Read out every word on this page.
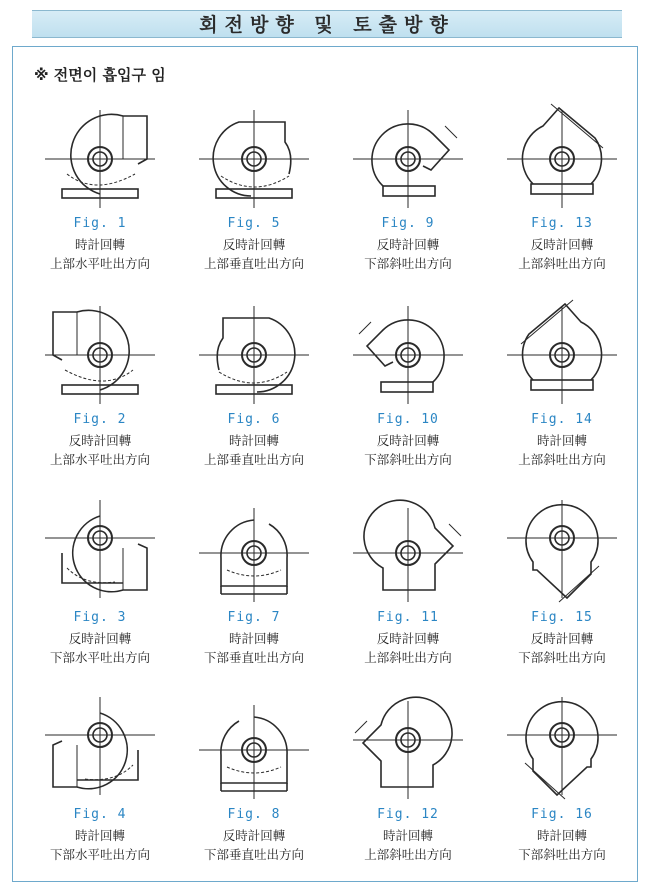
회전방향 및 토출방향
※ 전면이 흡입구 임
Fig. 1
時計回轉
上部水平吐出方向
Fig. 5
反時計回轉
上部垂直吐出方向
Fig. 9
反時計回轉
下部斜吐出方向
Fig. 13
反時計回轉
上部斜吐出方向
Fig. 2
反時計回轉
上部水平吐出方向
Fig. 6
時計回轉
上部垂直吐出方向
Fig. 10
反時計回轉
下部斜吐出方向
Fig. 14
時計回轉
上部斜吐出方向
Fig. 3
反時計回轉
下部水平吐出方向
Fig. 7
時計回轉
下部垂直吐出方向
Fig. 11
反時計回轉
上部斜吐出方向
Fig. 15
反時計回轉
下部斜吐出方向
Fig. 4
時計回轉
下部水平吐出方向
Fig. 8
反時計回轉
下部垂直吐出方向
Fig. 12
時計回轉
上部斜吐出方向
Fig. 16
時計回轉
下部斜吐出方向
